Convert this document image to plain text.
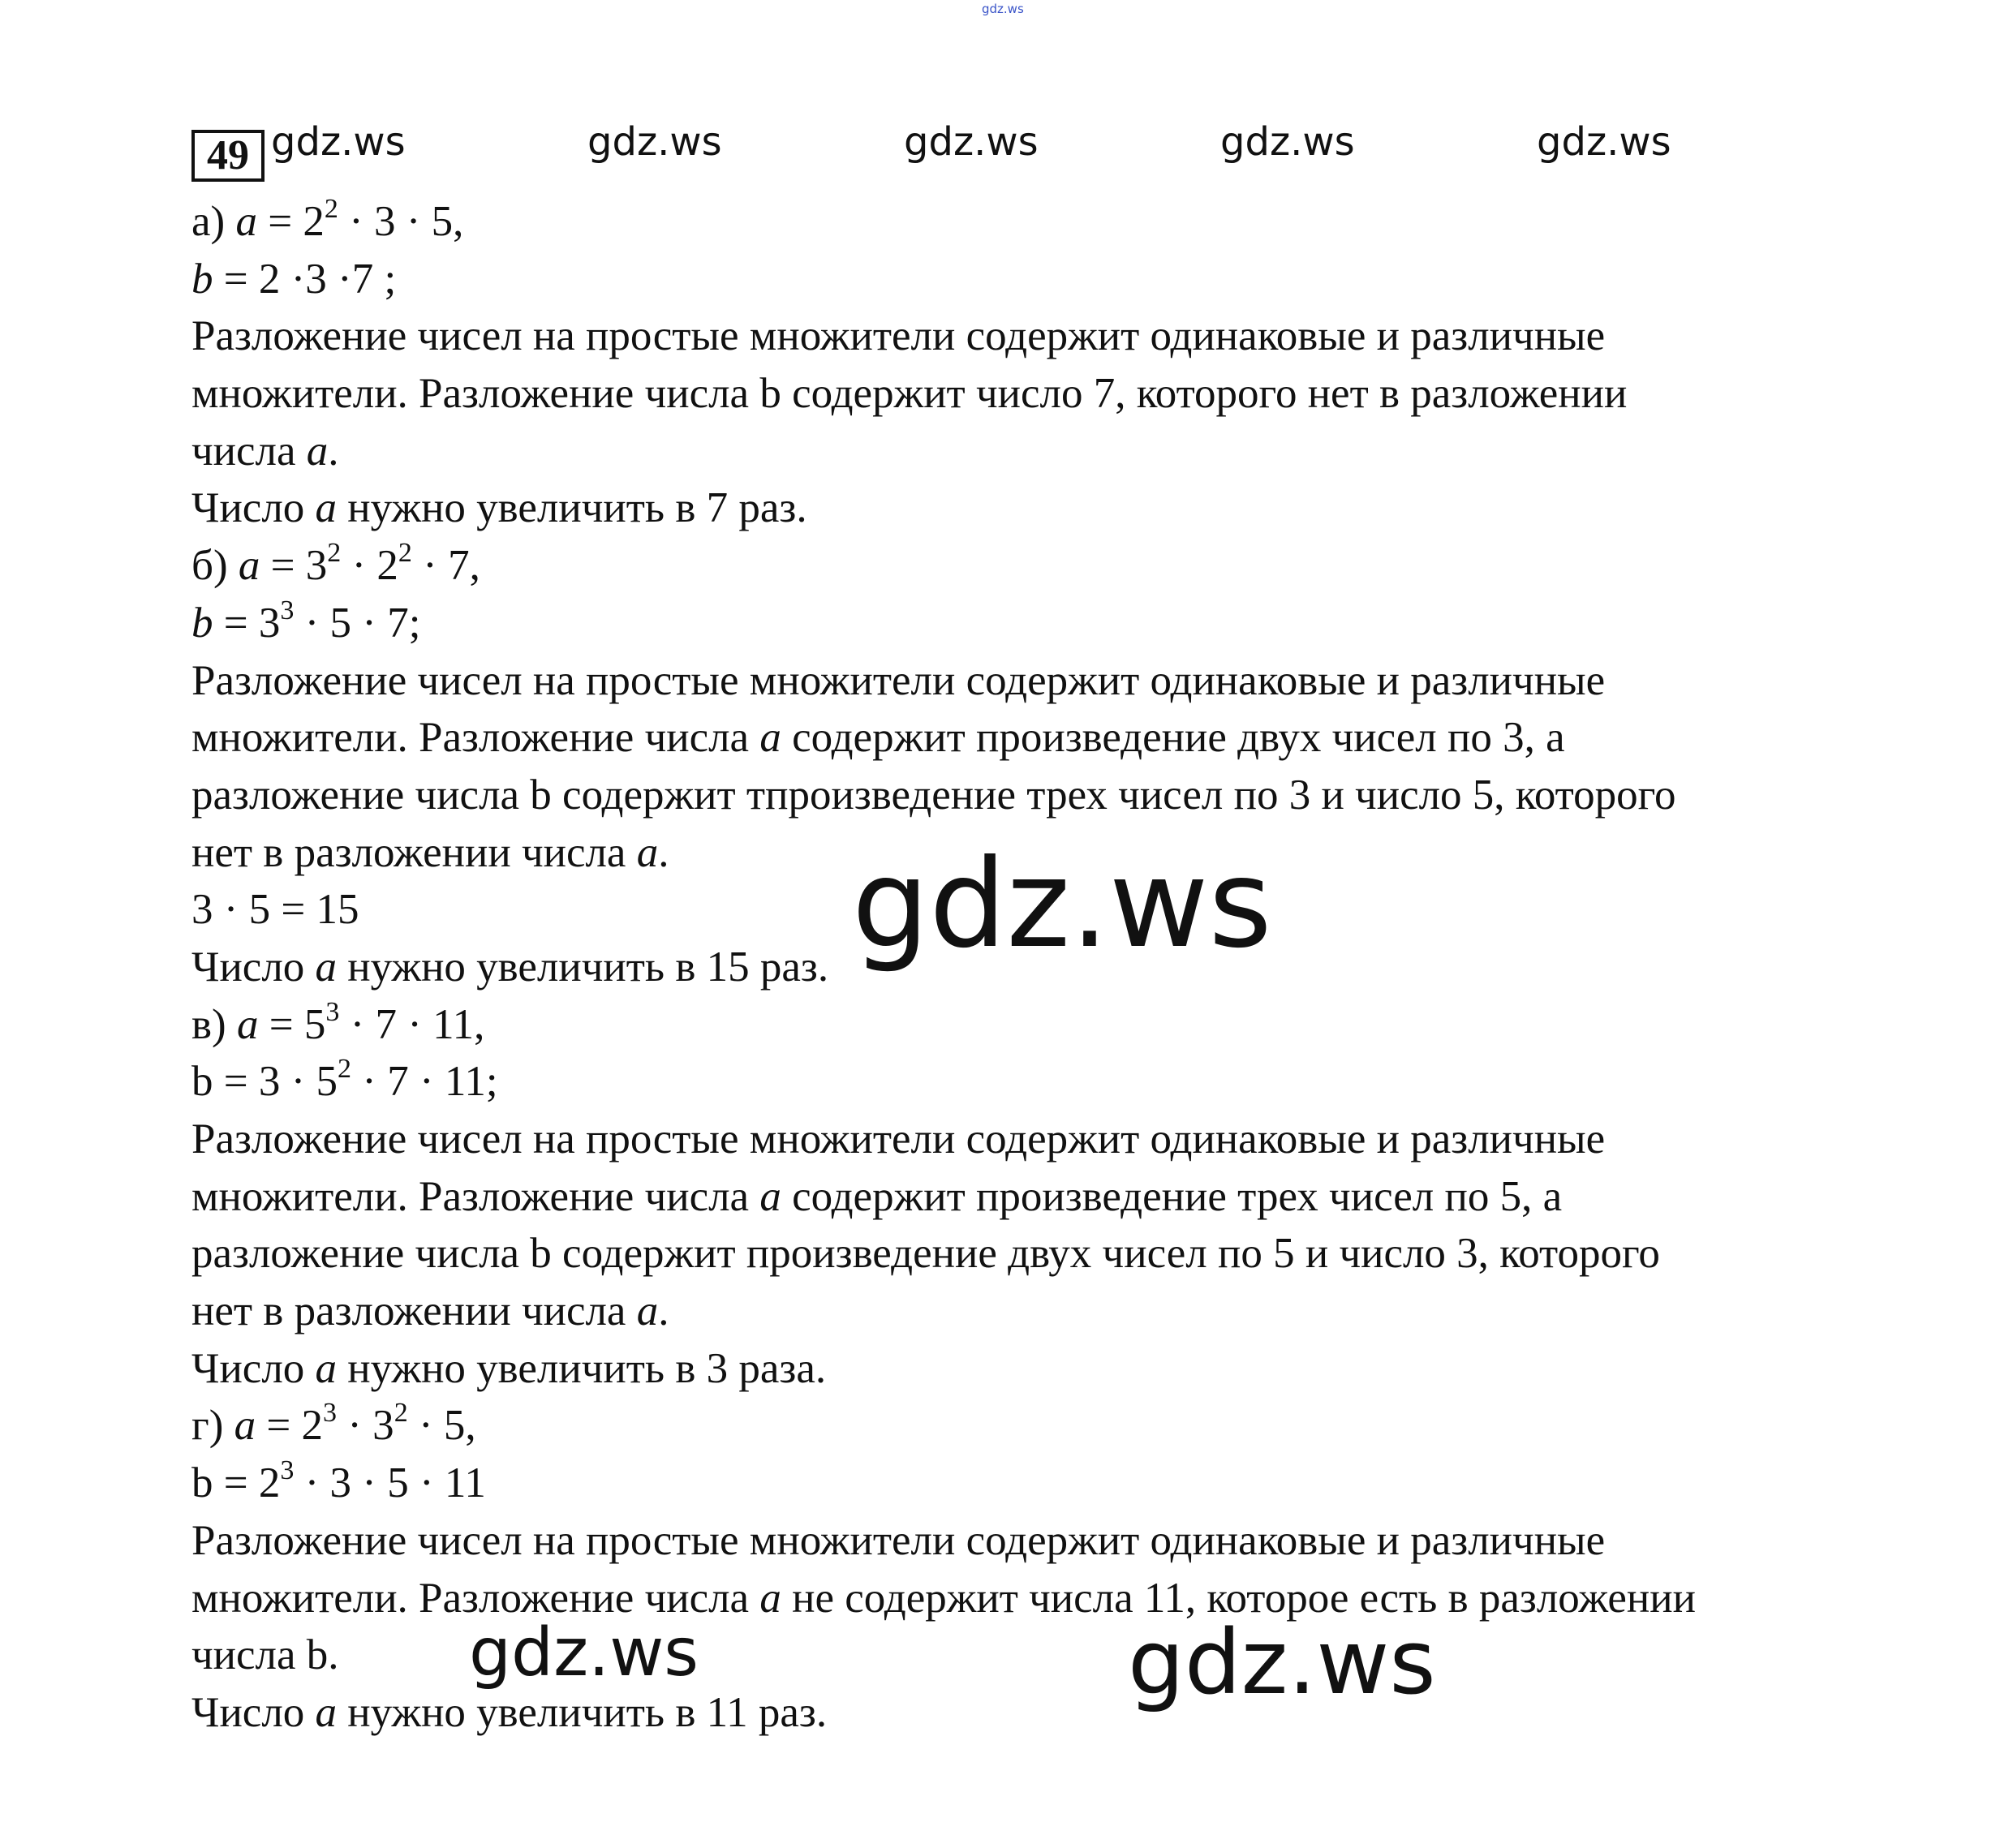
gdz.ws
49 gdz.ws	gdz.ws	gdz.ws	gdz.ws	gdz.ws
а) $a = 2^2 \cdot 3 \cdot 5$,
b = 2 ·3 ·7 ;
Разложение чисел на простые множители содержит одинаковые и различные
множители. Разложение числа b содержит число 7, которого нет в разложении
числа a.
Число a нужно увеличить в 7 раз.
б) $a = 3^2 \cdot 2^2 \cdot 7$,
$b = 3^3 \cdot 5 \cdot 7$;
Разложение чисел на простые множители содержит одинаковые и различные
множители. Разложение числа a содержит произведение двух чисел по 3, а
разложение числа b содержит тпроизведение трех чисел по 3 и число 5, которого
нет в разложении числа a.
3 · 5 = 15
Число a нужно увеличить в 15 раз.
в) $a = 5^3 \cdot 7 \cdot 11$,
$b = 3 \cdot 5^2 \cdot 7 \cdot 11$;
Разложение чисел на простые множители содержит одинаковые и различные
множители. Разложение числа a содержит произведение трех чисел по 5, а
разложение числа b содержит произведение двух чисел по 5 и число 3, которого
нет в разложении числа a.
Число a нужно увеличить в 3 раза.
г) $a = 2^3 \cdot 3^2 \cdot 5$,
$b = 2^3 \cdot 3 \cdot 5 \cdot 11$
Разложение чисел на простые множители содержит одинаковые и различные
множители. Разложение числа a не содержит числа 11, которое есть в разложении
числа b.
Число a нужно увеличить в 11 раз.
gdz.ws
gdz.ws	gdz.ws
